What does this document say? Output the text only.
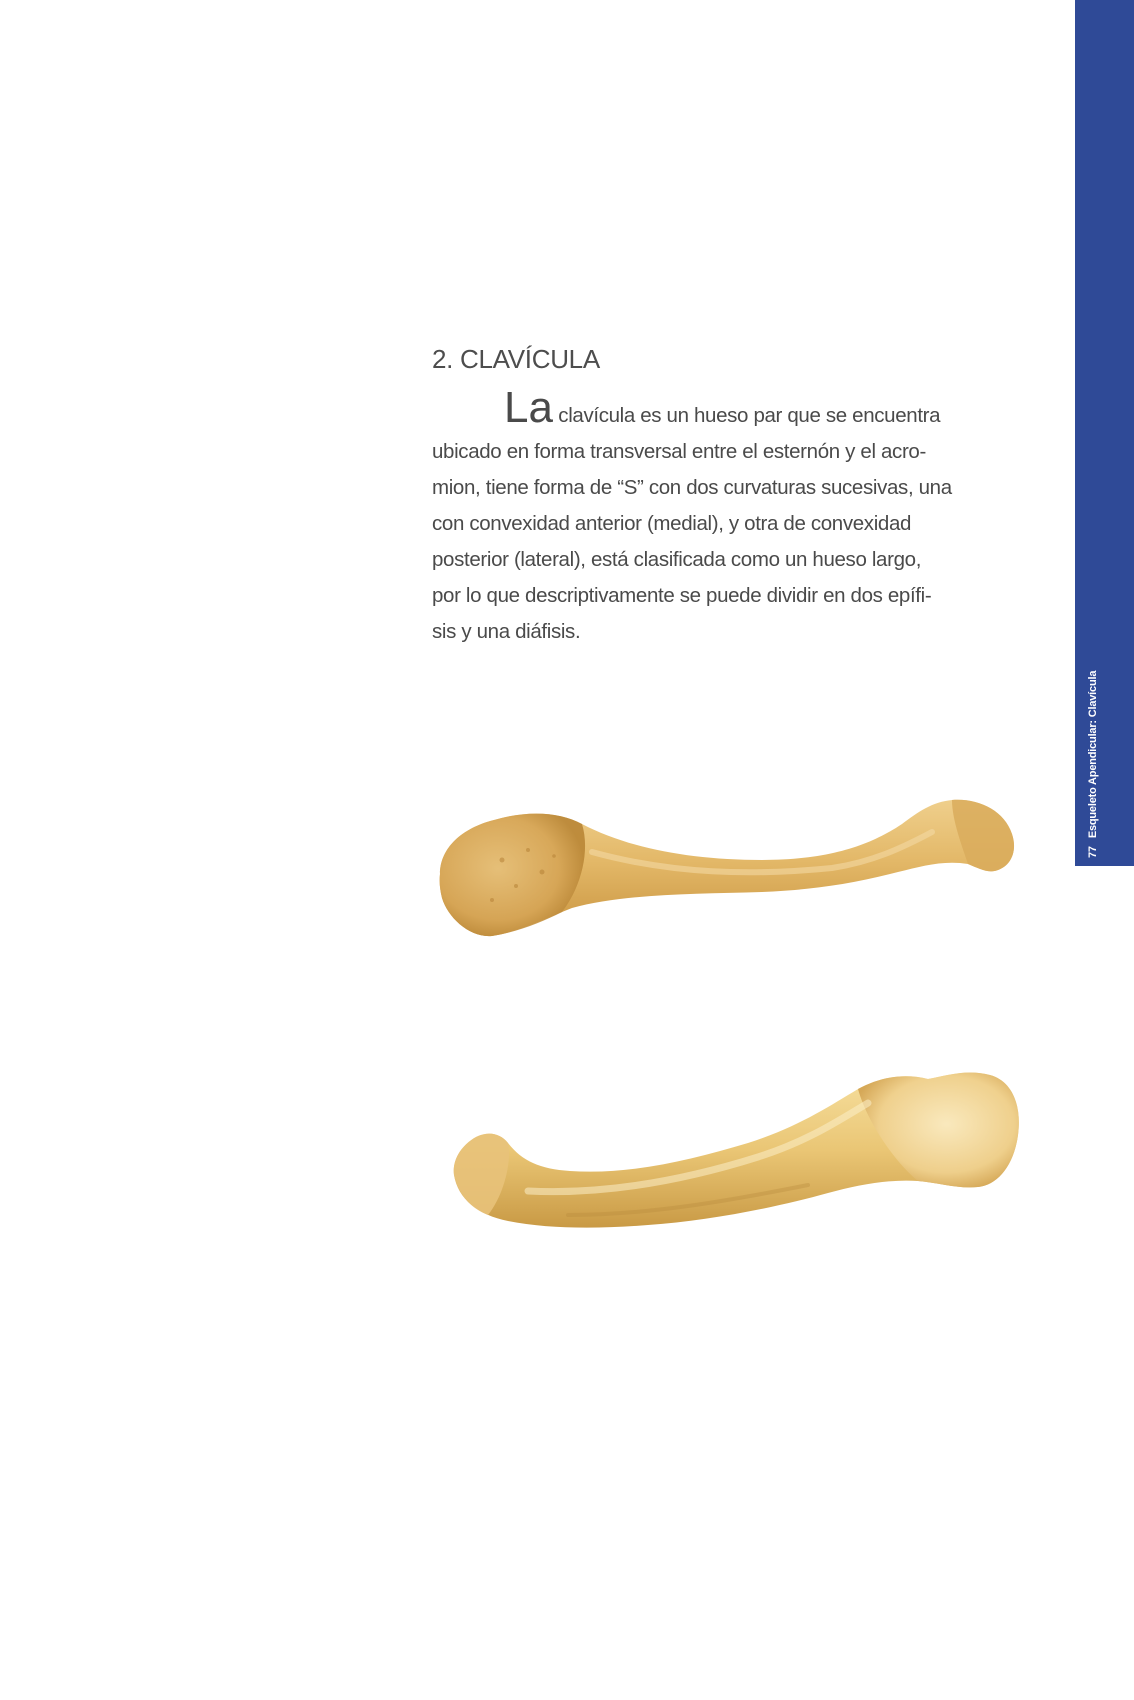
77Esqueleto Apendicular: Clavícula
2. CLAVÍCULA

La clavícula es un hueso par que se encuentra
ubicado en forma transversal entre el esternón y el acro-
mion, tiene forma de “S” con dos curvaturas sucesivas, una
con convexidad anterior (medial), y otra de convexidad
posterior (lateral), está clasificada como un hueso largo,
por lo que descriptivamente se puede dividir en dos epífi-
sis y una diáfisis.
